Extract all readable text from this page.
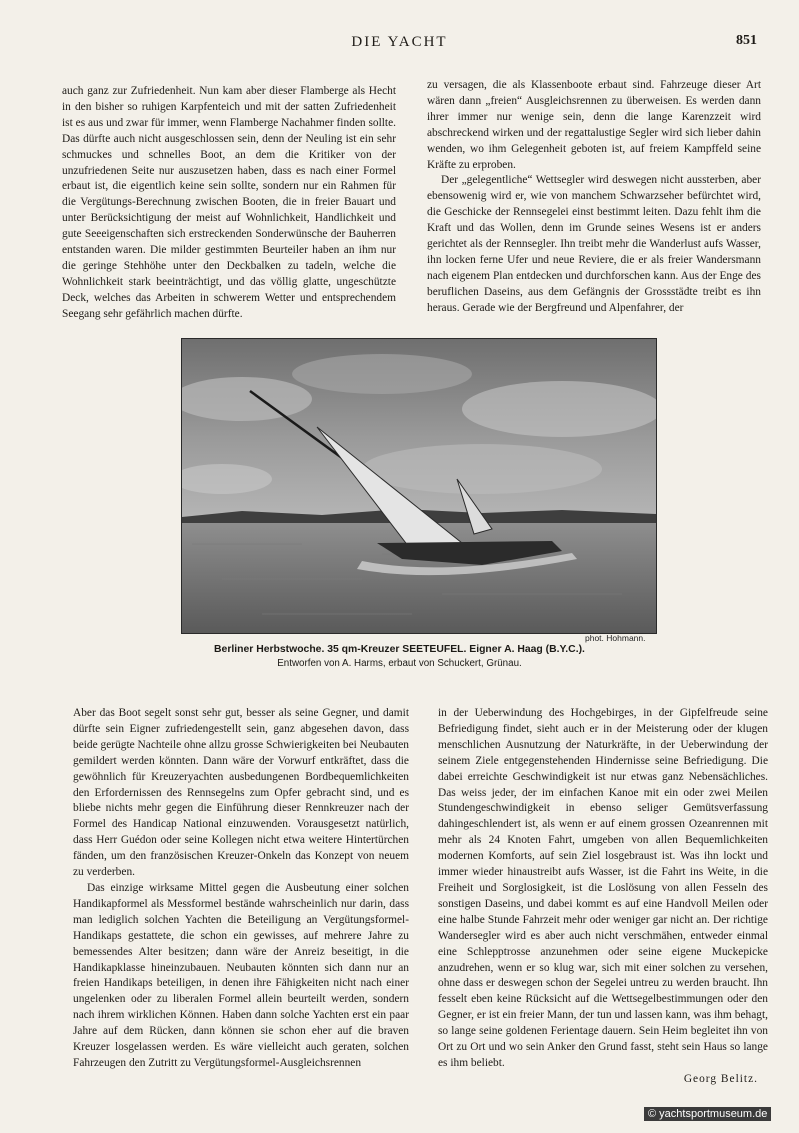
DIE YACHT	851

auch ganz zur Zufriedenheit. Nun kam aber dieser Flamberge als Hecht in den bisher so ruhigen Karpfenteich und mit der satten Zufriedenheit ist es aus und zwar für immer, wenn Flamberge Nachahmer finden sollte. Das dürfte auch nicht ausgeschlossen sein, denn der Neuling ist ein sehr schmuckes und schnelles Boot, an dem die Kritiker von der unzufriedenen Seite nur auszusetzen haben, dass es nach einer Formel erbaut ist, die eigentlich keine sein sollte, sondern nur ein Rahmen für die Vergütungs-Berechnung zwischen Booten, die in freier Bauart und unter Berücksichtigung der meist auf Wohnlichkeit, Handlichkeit und gute Seeeigenschaften sich erstreckenden Sonderwünsche der Bauherren entstanden waren. Die milder gestimmten Beurteiler haben an ihm nur die geringe Stehhöhe unter den Deckbalken zu tadeln, welche die Wohnlichkeit stark beeinträchtigt, und das völlig glatte, ungeschützte Deck, welches das Arbeiten in schwerem Wetter und entsprechendem Seegang sehr gefährlich machen dürfte.

zu versagen, die als Klassenboote erbaut sind. Fahrzeuge dieser Art wären dann „freien“ Ausgleichsrennen zu überweisen. Es werden dann ihrer immer nur wenige sein, denn die lange Karenzzeit wird abschreckend wirken und der regattalustige Segler wird sich lieber dahin wenden, wo ihm Gelegenheit geboten ist, auf freiem Kampffeld seine Kräfte zu erproben.

Der „gelegentliche“ Wettsegler wird deswegen nicht aussterben, aber ebensowenig wird er, wie von manchem Schwarzseher befürchtet wird, die Geschicke der Rennsegelei einst bestimmt leiten. Dazu fehlt ihm die Kraft und das Wollen, denn im Grunde seines Wesens ist er anders gerichtet als der Rennsegler. Ihn treibt mehr die Wanderlust aufs Wasser, ihn locken ferne Ufer und neue Reviere, die er als freier Wandersmann nach eigenem Plan entdecken und durchforschen kann. Aus der Enge des beruflichen Daseins, aus dem Gefängnis der Grossstädte treibt es ihn heraus. Gerade wie der Bergfreund und Alpenfahrer, der

phot. Hohmann.
Berliner Herbstwoche. 35 qm-Kreuzer SEETEUFEL. Eigner A. Haag (B.Y.C.).
Entworfen von A. Harms, erbaut von Schuckert, Grünau.

Aber das Boot segelt sonst sehr gut, besser als seine Gegner, und damit dürfte sein Eigner zufriedengestellt sein, ganz abgesehen davon, dass beide gerügte Nachteile ohne allzu grosse Schwierigkeiten bei Neubauten gemildert werden könnten. Dann wäre der Vorwurf entkräftet, dass die gewöhnlich für Kreuzeryachten ausbedungenen Bordbequemlichkeiten den Erfordernissen des Rennsegelns zum Opfer gebracht sind, und es bliebe nichts mehr gegen die Einführung dieser Rennkreuzer nach der Formel des Handicap National einzuwenden. Vorausgesetzt natürlich, dass Herr Guédon oder seine Kollegen nicht etwa weitere Hintertürchen fänden, um den französischen Kreuzer-Onkeln das Konzept von neuem zu verderben.

Das einzige wirksame Mittel gegen die Ausbeutung einer solchen Handikapformel als Messformel bestände wahrscheinlich nur darin, dass man lediglich solchen Yachten die Beteiligung an Vergütungsformel-Handikaps gestattete, die schon ein gewisses, auf mehrere Jahre zu bemessendes Alter besitzen; dann wäre der Anreiz beseitigt, in die Handikapklasse hineinzubauen. Neubauten könnten sich dann nur an freien Handikaps beteiligen, in denen ihre Fähigkeiten nicht nach einer ungelenken oder zu liberalen Formel allein beurteilt werden, sondern nach ihrem wirklichen Können. Haben dann solche Yachten erst ein paar Jahre auf dem Rücken, dann können sie schon eher auf die braven Kreuzer losgelassen werden. Es wäre vielleicht auch geraten, solchen Fahrzeugen den Zutritt zu Vergütungsformel-Ausgleichsrennen

in der Ueberwindung des Hochgebirges, in der Gipfelfreude seine Befriedigung findet, sieht auch er in der Meisterung oder der klugen menschlichen Ausnutzung der Naturkräfte, in der Ueberwindung der seinem Ziele entgegenstehenden Hindernisse seine Befriedigung. Die dabei erreichte Geschwindigkeit ist nur etwas ganz Nebensächliches. Das weiss jeder, der im einfachen Kanoe mit ein oder zwei Meilen Stundengeschwindigkeit in ebenso seliger Gemütsverfassung dahingeschlendert ist, als wenn er auf einem grossen Ozeanrennen mit mehr als 24 Knoten Fahrt, umgeben von allen Bequemlichkeiten modernen Komforts, auf sein Ziel losgebraust ist. Was ihn lockt und immer wieder hinaustreibt aufs Wasser, ist die Fahrt ins Weite, in die Freiheit und Sorglosigkeit, ist die Loslösung von allen Fesseln des sonstigen Daseins, und dabei kommt es auf eine Handvoll Meilen oder eine halbe Stunde Fahrzeit mehr oder weniger gar nicht an. Der richtige Wandersegler wird es aber auch nicht verschmähen, entweder einmal eine Schlepptrosse anzunehmen oder seine eigene Muckepicke anzudrehen, wenn er so klug war, sich mit einer solchen zu versehen, ohne dass er deswegen schon der Segelei untreu zu werden braucht. Ihn fesselt eben keine Rücksicht auf die Wettsegelbestimmungen oder den Gegner, er ist ein freier Mann, der tun und lassen kann, was ihm behagt, so lange seine goldenen Ferientage dauern. Sein Heim begleitet ihn von Ort zu Ort und wo sein Anker den Grund fasst, steht sein Haus so lange es ihm beliebt.

Georg Belitz.

© yachtsportmuseum.de
